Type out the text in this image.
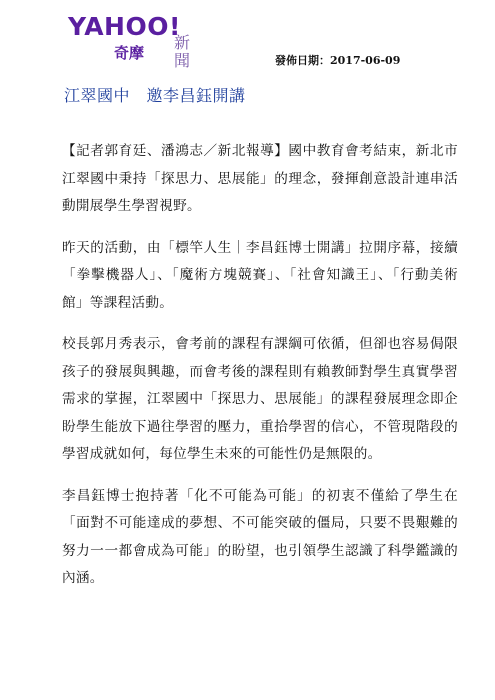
YAHOO!
奇摩
新聞	發佈日期：2017-06-09
江翠國中　邀李昌鈺開講

【記者郭育廷、潘鴻志／新北報導】國中教育會考結束，新北市江翠國中秉持「探思力、思展能」的理念，發揮創意設計連串活動開展學生學習視野。

昨天的活動，由「標竿人生｜李昌鈺博士開講」拉開序幕，接續「拳擊機器人」、「魔術方塊競賽」、「社會知識王」、「行動美術館」等課程活動。

校長郭月秀表示，會考前的課程有課綱可依循，但卻也容易侷限孩子的發展與興趣，而會考後的課程則有賴教師對學生真實學習需求的掌握，江翠國中「探思力、思展能」的課程發展理念即企盼學生能放下過往學習的壓力，重拾學習的信心，不管現階段的學習成就如何，每位學生未來的可能性仍是無限的。

李昌鈺博士抱持著「化不可能為可能」的初衷不僅給了學生在「面對不可能達成的夢想、不可能突破的僵局，只要不畏艱難的努力一一都會成為可能」的盼望，也引領學生認識了科學鑑識的內涵。
